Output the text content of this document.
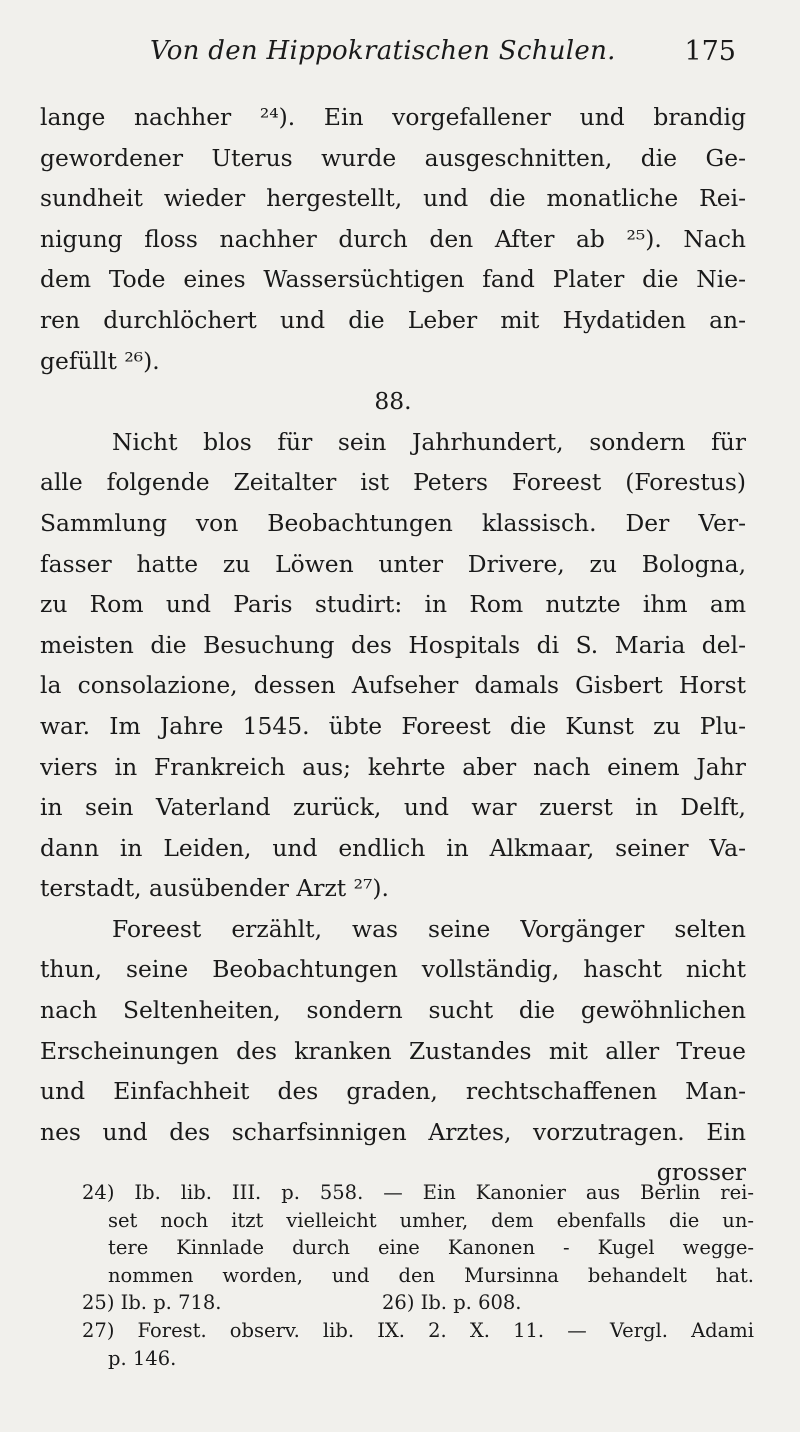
Von den Hippokratischen Schulen.	175
lange nachher ²⁴). Ein vorgefallener und brandig
gewordener Uterus wurde ausgeschnitten, die Ge-
sundheit wieder hergestellt, und die monatliche Rei-
nigung floss nachher durch den After ab ²⁵). Nach
dem Tode eines Wassersüchtigen fand Plater die Nie-
ren durchlöchert und die Leber mit Hydatiden an-
gefüllt ²⁶).
88.
Nicht blos für sein Jahrhundert, sondern für
alle folgende Zeitalter ist Peters Foreest (Forestus)
Sammlung von Beobachtungen klassisch. Der Ver-
fasser hatte zu Löwen unter Drivere, zu Bologna,
zu Rom und Paris studirt: in Rom nutzte ihm am
meisten die Besuchung des Hospitals di S. Maria del-
la consolazione, dessen Aufseher damals Gisbert Horst
war. Im Jahre 1545. übte Foreest die Kunst zu Plu-
viers in Frankreich aus; kehrte aber nach einem Jahr
in sein Vaterland zurück, und war zuerst in Delft,
dann in Leiden, und endlich in Alkmaar, seiner Va-
terstadt, ausübender Arzt ²⁷).
Foreest erzählt, was seine Vorgänger selten
thun, seine Beobachtungen vollständig, hascht nicht
nach Seltenheiten, sondern sucht die gewöhnlichen
Erscheinungen des kranken Zustandes mit aller Treue
und Einfachheit des graden, rechtschaffenen Man-
nes und des scharfsinnigen Arztes, vorzutragen. Ein
grosser
24) Ib. lib. III. p. 558. — Ein Kanonier aus Berlin rei-
set noch itzt vielleicht umher, dem ebenfalls die un-
tere Kinnlade durch eine Kanonen - Kugel wegge-
nommen worden, und den Mursinna behandelt hat.
25) Ib. p. 718.	26) Ib. p. 608.
27) Forest. observ. lib. IX. 2. X. 11. — Vergl. Adami
p. 146.
